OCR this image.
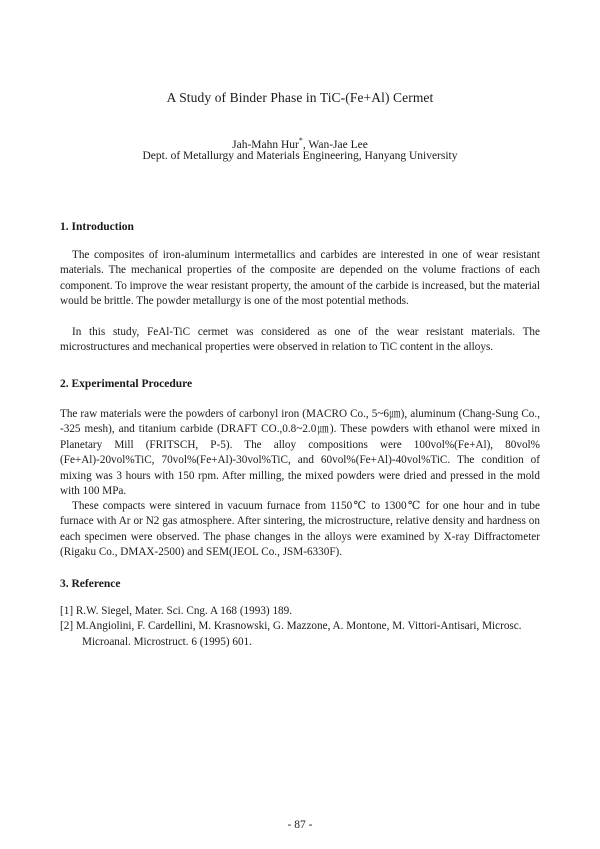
A Study of Binder Phase in TiC-(Fe+Al) Cermet
Jah-Mahn Hur*, Wan-Jae Lee
Dept. of Metallurgy and Materials Engineering, Hanyang University
1. Introduction

The composites of iron-aluminum intermetallics and carbides are interested in one of wear resistant materials. The mechanical properties of the composite are depended on the volume fractions of each component. To improve the wear resistant property, the amount of the carbide is increased, but the material would be brittle. The powder metallurgy is one of the most potential methods.

In this study, FeAl-TiC cermet was considered as one of the wear resistant materials. The microstructures and mechanical properties were observed in relation to TiC content in the alloys.

2. Experimental Procedure

The raw materials were the powders of carbonyl iron (MACRO Co., 5~6㎛), aluminum (Chang-Sung Co., -325 mesh), and titanium carbide (DRAFT CO.,0.8~2.0㎛). These powders with ethanol were mixed in Planetary Mill (FRITSCH, P-5). The alloy compositions were 100vol%(Fe+Al), 80vol%(Fe+Al)-20vol%TiC, 70vol%(Fe+Al)-30vol%TiC, and 60vol%(Fe+Al)-40vol%TiC. The condition of mixing was 3 hours with 150 rpm. After milling, the mixed powders were dried and pressed in the mold with 100 MPa.

These compacts were sintered in vacuum furnace from 1150℃ to 1300℃ for one hour and in tube furnace with Ar or N2 gas atmosphere. After sintering, the microstructure, relative density and hardness on each specimen were observed. The phase changes in the alloys were examined by X-ray Diffractometer (Rigaku Co., DMAX-2500) and SEM(JEOL Co., JSM-6330F).

3. Reference
[1] R.W. Siegel, Mater. Sci. Cng. A 168 (1993) 189.
[2] M.Angiolini, F. Cardellini, M. Krasnowski, G. Mazzone, A. Montone, M. Vittori-Antisari, Microsc. Microanal. Microstruct. 6 (1995) 601.
- 87 -
